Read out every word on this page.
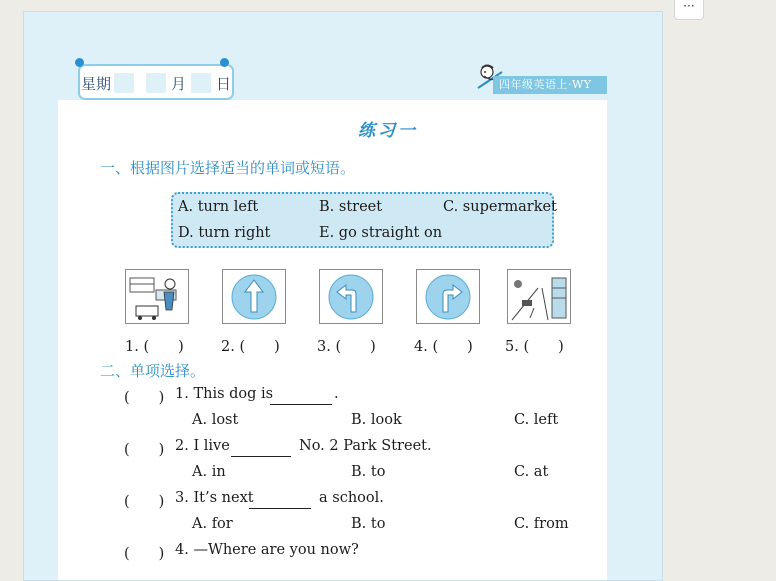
···
星期	月 日	四年级英语上·WY
练习一
一、根据图片选择适当的单词或短语。
A. turn left	B. street	C. supermarket
D. turn right	E. go straight on
1. (　　)	2. (　　)	3. (　　)	4. (　　) 5. (　　)
二、单项选择。
(　　) 1. This dog is	.
A. lost	B. look	C. left
(　　) 2. I live	No. 2 Park Street.
A. in	B. to	C. at
(　　) 3. It’s next	a school.
A. for	B. to	C. from
(　　) 4. —Where are you now?
